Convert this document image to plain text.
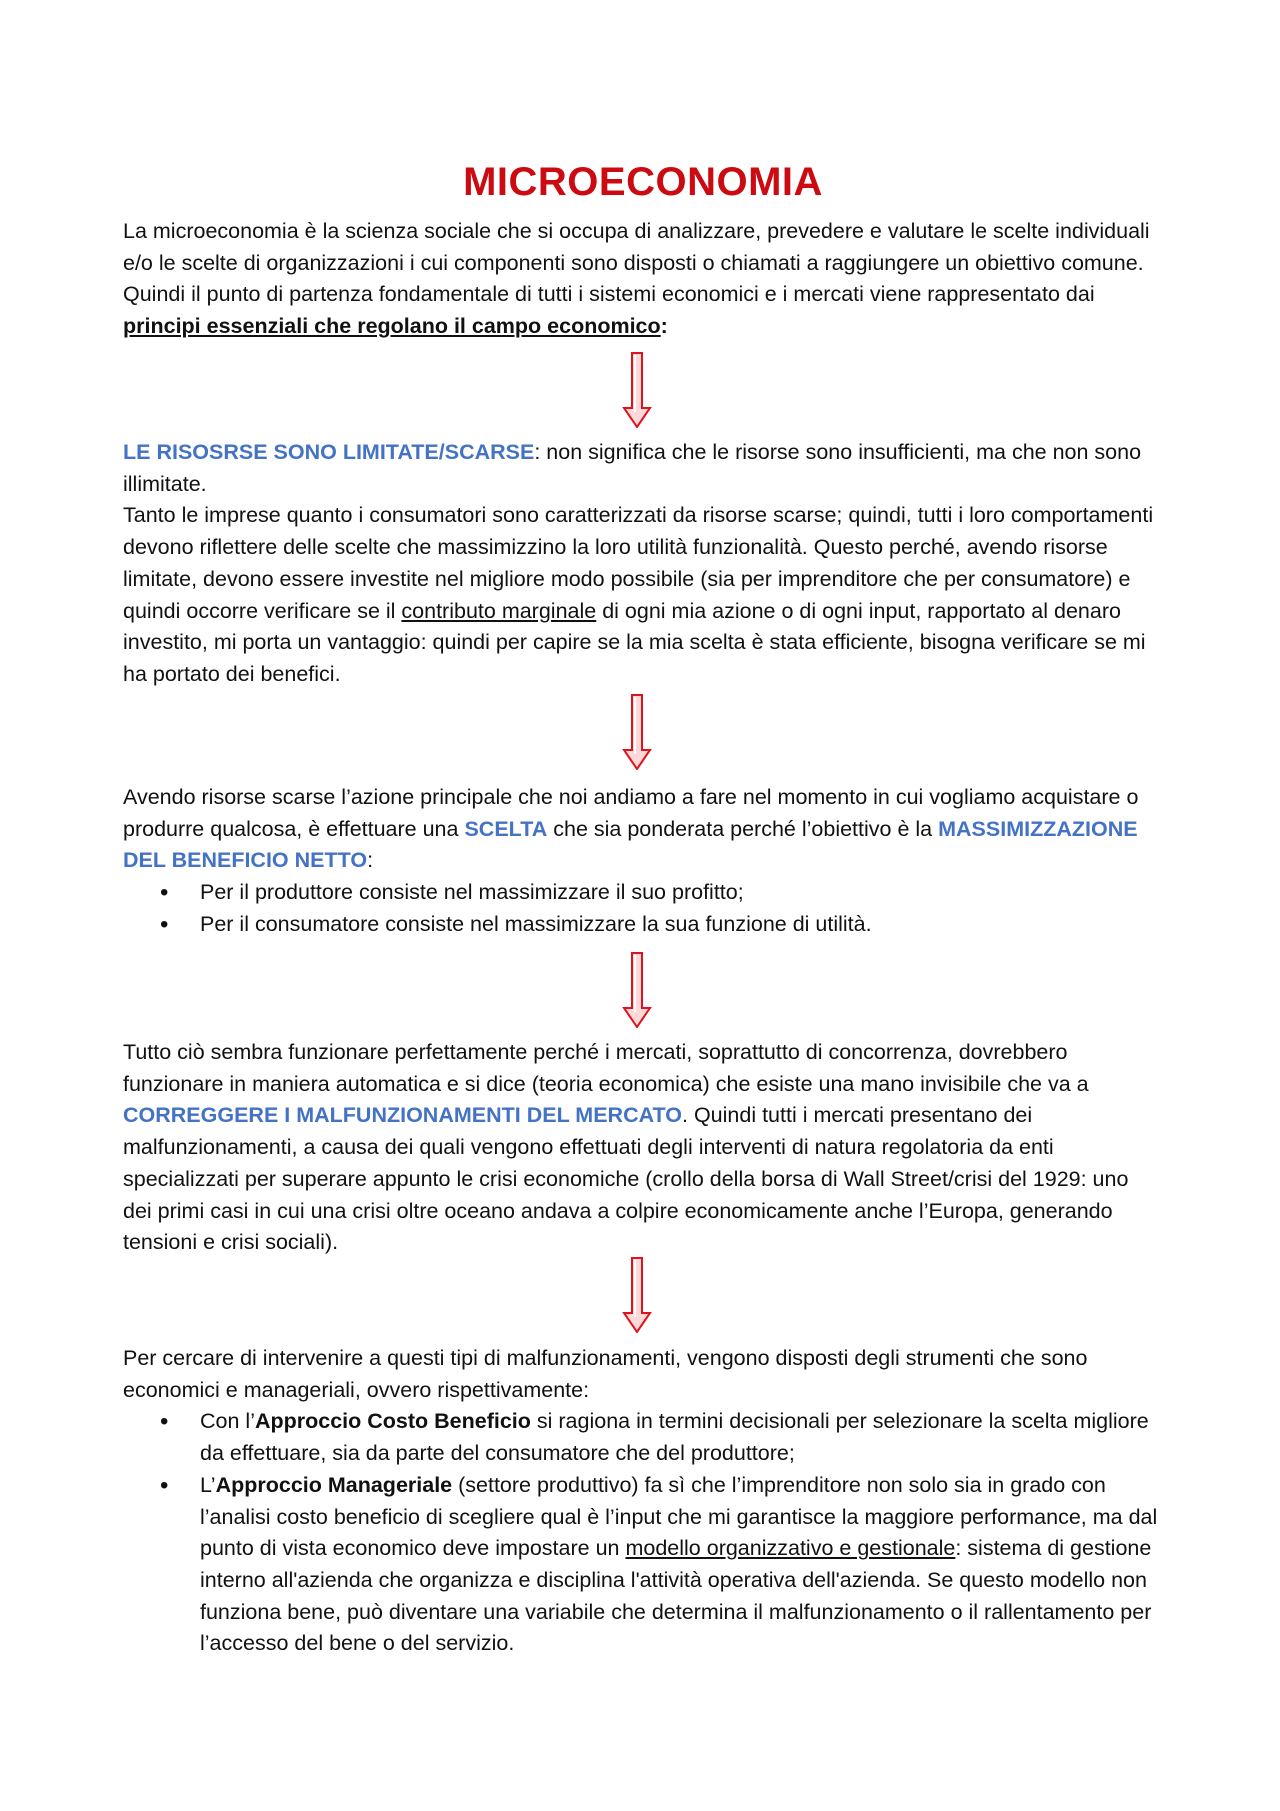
MICROECONOMIA

La microeconomia è la scienza sociale che si occupa di analizzare, prevedere e valutare le scelte individuali e/o le scelte di organizzazioni i cui componenti sono disposti o chiamati a raggiungere un obiettivo comune. Quindi il punto di partenza fondamentale di tutti i sistemi economici e i mercati viene rappresentato dai principi essenziali che regolano il campo economico:

LE RISOSRSE SONO LIMITATE/SCARSE: non significa che le risorse sono insufficienti, ma che non sono illimitate.

Tanto le imprese quanto i consumatori sono caratterizzati da risorse scarse; quindi, tutti i loro comportamenti devono riflettere delle scelte che massimizzino la loro utilità funzionalità. Questo perché, avendo risorse limitate, devono essere investite nel migliore modo possibile (sia per imprenditore che per consumatore) e quindi occorre verificare se il contributo marginale di ogni mia azione o di ogni input, rapportato al denaro investito, mi porta un vantaggio: quindi per capire se la mia scelta è stata efficiente, bisogna verificare se mi ha portato dei benefici.

Avendo risorse scarse l’azione principale che noi andiamo a fare nel momento in cui vogliamo acquistare o produrre qualcosa, è effettuare una SCELTA che sia ponderata perché l’obiettivo è la MASSIMIZZAZIONE DEL BENEFICIO NETTO:

• Per il produttore consiste nel massimizzare il suo profitto;
• Per il consumatore consiste nel massimizzare la sua funzione di utilità.

Tutto ciò sembra funzionare perfettamente perché i mercati, soprattutto di concorrenza, dovrebbero funzionare in maniera automatica e si dice (teoria economica) che esiste una mano invisibile che va a CORREGGERE I MALFUNZIONAMENTI DEL MERCATO. Quindi tutti i mercati presentano dei malfunzionamenti, a causa dei quali vengono effettuati degli interventi di natura regolatoria da enti specializzati per superare appunto le crisi economiche (crollo della borsa di Wall Street/crisi del 1929: uno dei primi casi in cui una crisi oltre oceano andava a colpire economicamente anche l’Europa, generando tensioni e crisi sociali).

Per cercare di intervenire a questi tipi di malfunzionamenti, vengono disposti degli strumenti che sono economici e manageriali, ovvero rispettivamente:

• Con l’Approccio Costo Beneficio si ragiona in termini decisionali per selezionare la scelta migliore da effettuare, sia da parte del consumatore che del produttore;
• L’Approccio Manageriale (settore produttivo) fa sì che l’imprenditore non solo sia in grado con l’analisi costo beneficio di scegliere qual è l’input che mi garantisce la maggiore performance, ma dal punto di vista economico deve impostare un modello organizzativo e gestionale: sistema di gestione interno all'azienda che organizza e disciplina l'attività operativa dell'azienda. Se questo modello non funziona bene, può diventare una variabile che determina il malfunzionamento o il rallentamento per l’accesso del bene o del servizio.
